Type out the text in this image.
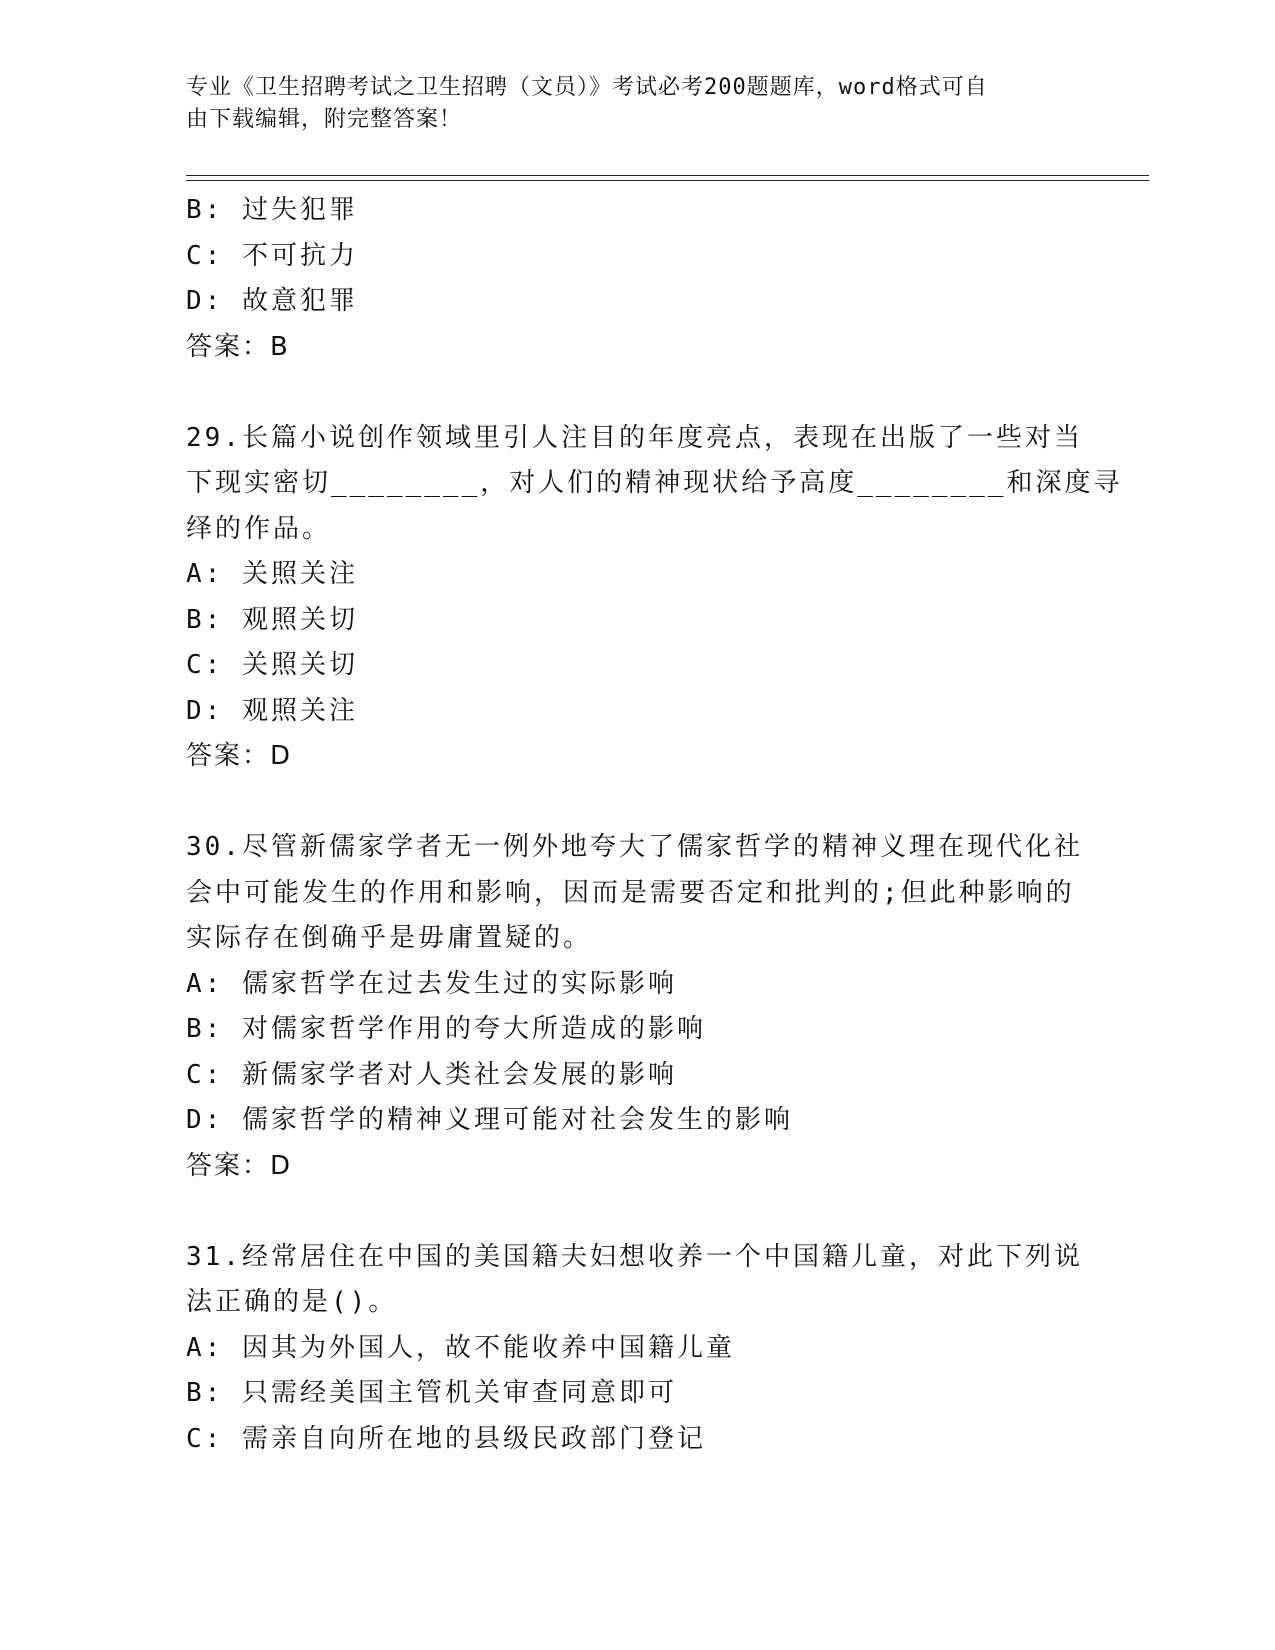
专业《卫生招聘考试之卫生招聘（文员）》考试必考200题题库，word格式可自
由下载编辑，附完整答案！
B: 过失犯罪
C: 不可抗力
D: 故意犯罪
答案：B
29.长篇小说创作领域里引人注目的年度亮点，表现在出版了一些对当
下现实密切________，对人们的精神现状给予高度________和深度寻
绎的作品。
A: 关照关注
B: 观照关切
C: 关照关切
D: 观照关注
答案：D
30.尽管新儒家学者无一例外地夸大了儒家哲学的精神义理在现代化社
会中可能发生的作用和影响，因而是需要否定和批判的;但此种影响的
实际存在倒确乎是毋庸置疑的。
A: 儒家哲学在过去发生过的实际影响
B: 对儒家哲学作用的夸大所造成的影响
C: 新儒家学者对人类社会发展的影响
D: 儒家哲学的精神义理可能对社会发生的影响
答案：D
31.经常居住在中国的美国籍夫妇想收养一个中国籍儿童，对此下列说
法正确的是()。
A: 因其为外国人，故不能收养中国籍儿童
B: 只需经美国主管机关审查同意即可
C: 需亲自向所在地的县级民政部门登记
